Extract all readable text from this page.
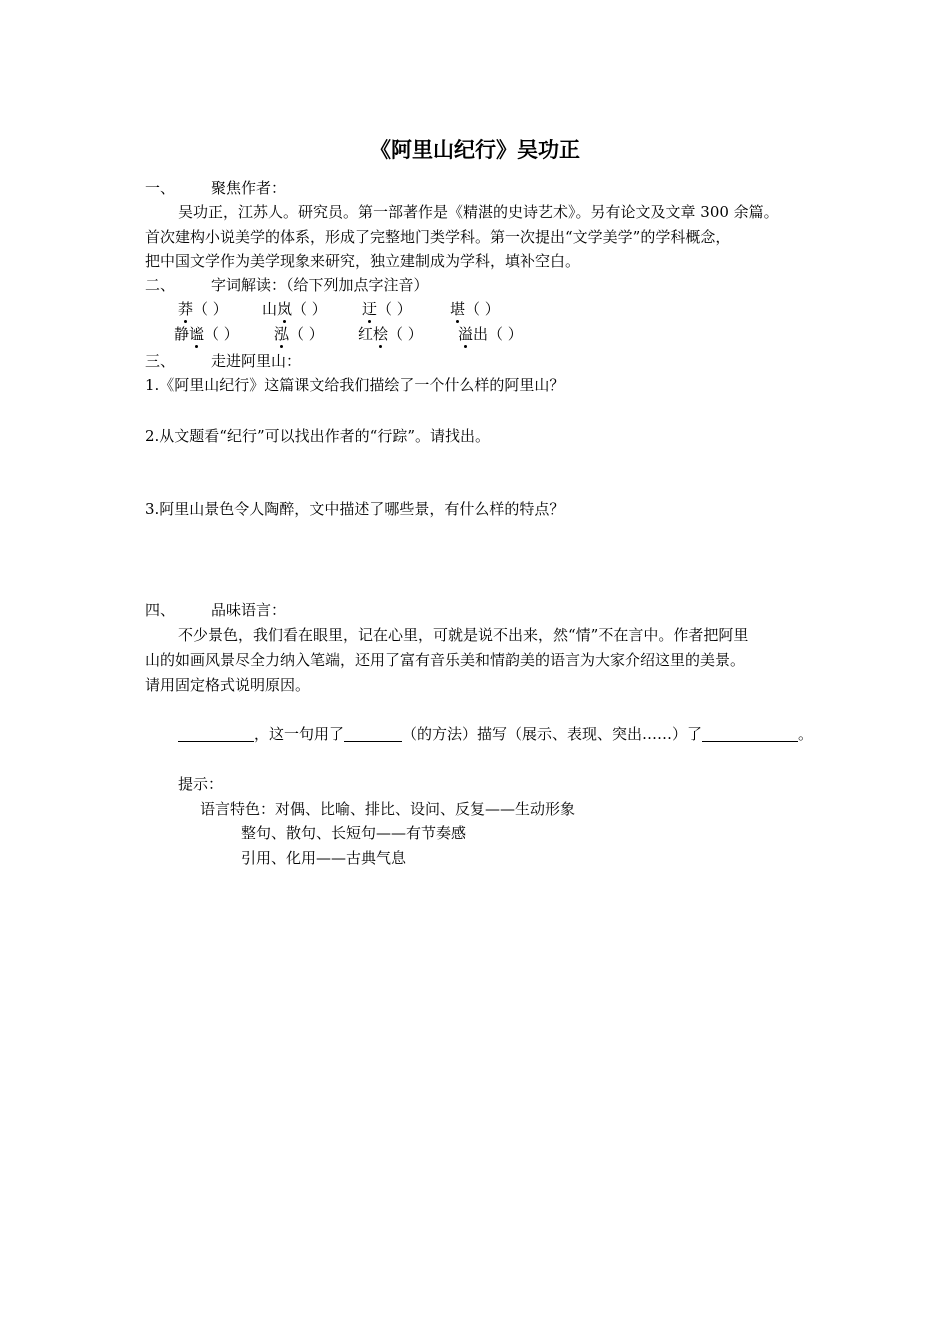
《阿里山纪行》吴功正
一、 聚焦作者：
吴功正，江苏人。研究员。第一部著作是《精湛的史诗艺术》。另有论文及文章 300 余篇。
首次建构小说美学的体系，形成了完整地门类学科。第一次提出“文学美学”的学科概念，
把中国文学作为美学现象来研究，独立建制成为学科，填补空白。
二、 字词解读：（给下列加点字注音）
莽（ ） 山岚（ ） 迂（ ）	堪（ ）
静谧（ ） 泓（ ） 红桧（ ） 溢出（ ）
三、 走进阿里山：
1.《阿里山纪行》这篇课文给我们描绘了一个什么样的阿里山？
2.从文题看“纪行”可以找出作者的“行踪”。请找出。
3.阿里山景色令人陶醉，文中描述了哪些景，有什么样的特点？
四、 品味语言：
不少景色，我们看在眼里，记在心里，可就是说不出来，然“情”不在言中。作者把阿里
山的如画风景尽全力纳入笔端，还用了富有音乐美和情韵美的语言为大家介绍这里的美景。
请用固定格式说明原因。
，这一句用了	（的方法）描写（展示、表现、突出……）了	。
提示：
语言特色：对偶、比喻、排比、设问、反复——生动形象
整句、散句、长短句——有节奏感
引用、化用——古典气息
